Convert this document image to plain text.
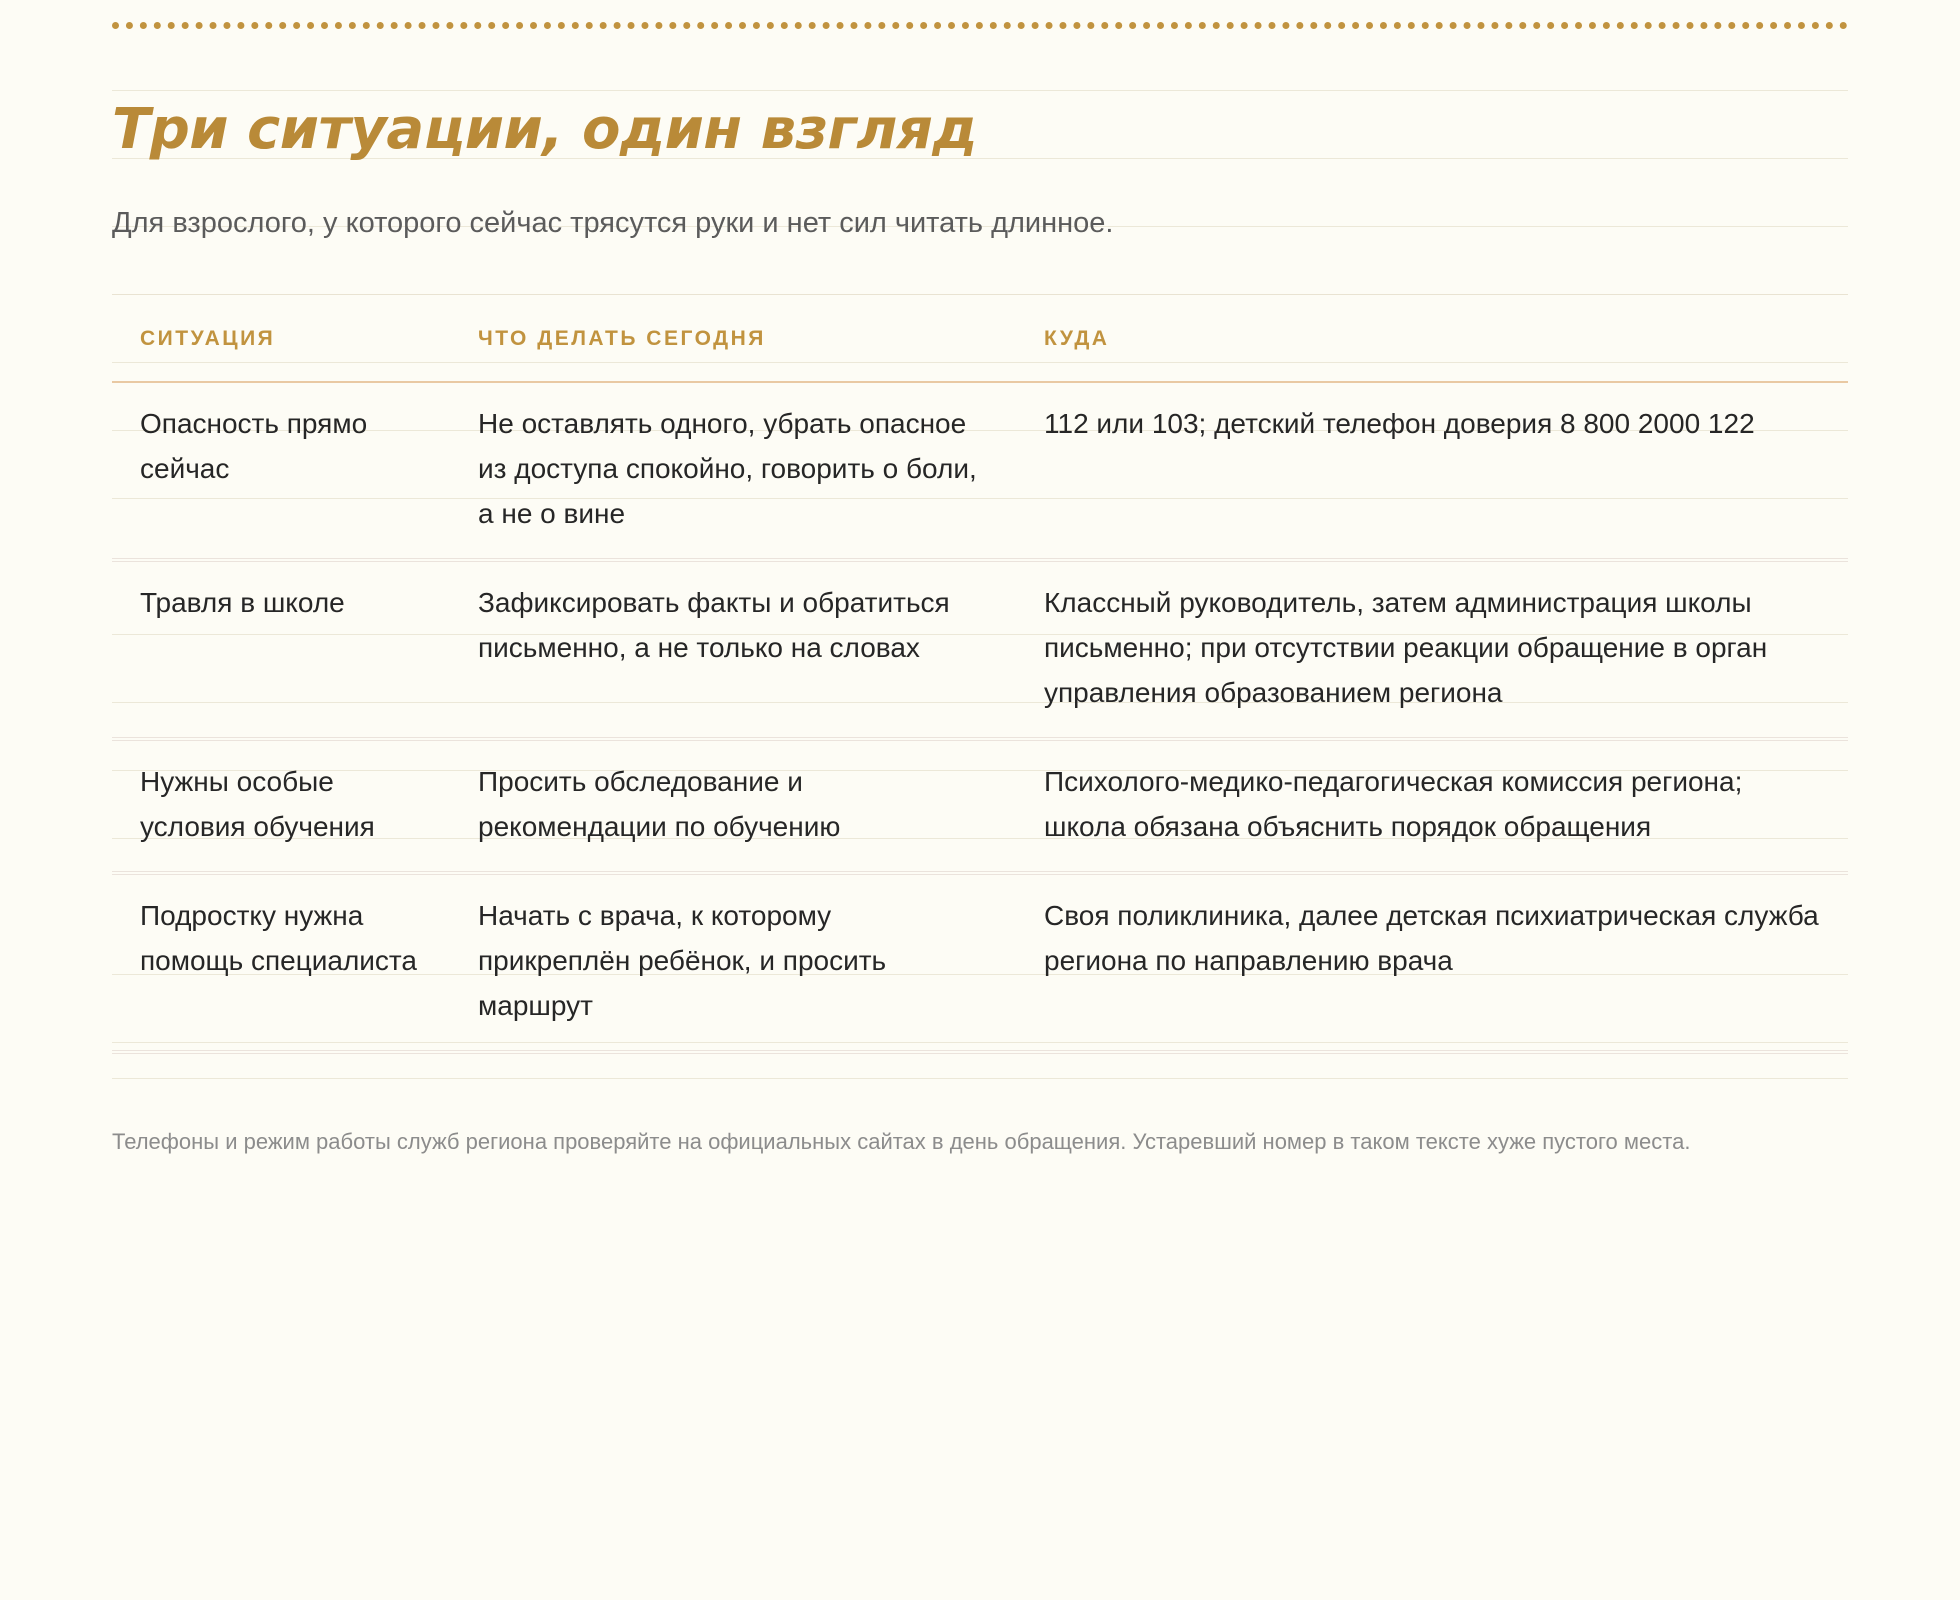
Три ситуации, один взгляд

Для взрослого, у которого сейчас трясутся руки и нет сил читать длинное.

СИТУАЦИЯ	ЧТО ДЕЛАТЬ СЕГОДНЯ	КУДА
Опасность прямо сейчас	Не оставлять одного, убрать опасное из доступа спокойно, говорить о боли, а не о вине	112 или 103; детский телефон доверия 8 800 2000 122
Травля в школе	Зафиксировать факты и обратиться письменно, а не только на словах	Классный руководитель, затем администрация школы письменно; при отсутствии реакции обращение в орган управления образованием региона
Нужны особые условия обучения	Просить обследование и рекомендации по обучению	Психолого-медико-педагогическая комиссия региона; школа обязана объяснить порядок обращения
Подростку нужна помощь специалиста	Начать с врача, к которому прикреплён ребёнок, и просить маршрут	Своя поликлиника, далее детская психиатрическая служба региона по направлению врача

Телефоны и режим работы служб региона проверяйте на официальных сайтах в день обращения. Устаревший номер в таком тексте хуже пустого места.
